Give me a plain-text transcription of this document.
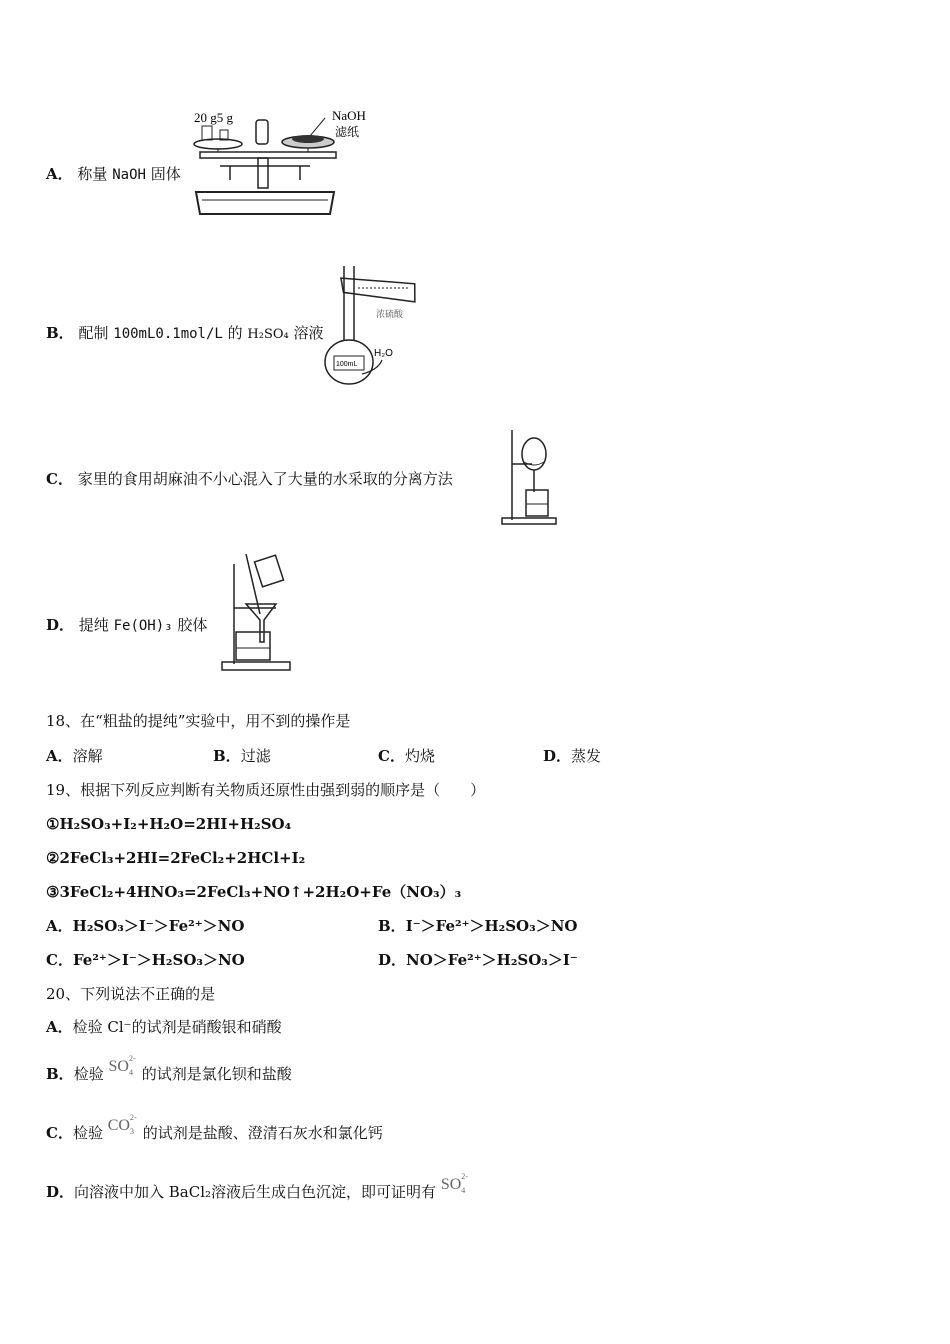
A． 称量 NaOH 固体
20 g5 g	NaOH
滤纸
B． 配制 100mL0.1mol/L 的 H₂SO₄ 溶液
浓硫酸
100mL
H₂O
C． 家里的食用胡麻油不小心混入了大量的水采取的分离方法
D． 提纯 Fe(OH)₃ 胶体
18、在“粗盐的提纯”实验中，用不到的操作是
A．溶解	B．过滤	C．灼烧	D．蒸发
19、根据下列反应判断有关物质还原性由强到弱的顺序是（　　）
①H₂SO₃+I₂+H₂O=2HI+H₂SO₄
②2FeCl₃+2HI=2FeCl₂+2HCl+I₂
③3FeCl₂+4HNO₃=2FeCl₃+NO↑+2H₂O+Fe（NO₃）₃
A．H₂SO₃＞I⁻＞Fe²⁺＞NO	B．I⁻＞Fe²⁺＞H₂SO₃＞NO
C．Fe²⁺＞I⁻＞H₂SO₃＞NO	D．NO＞Fe²⁺＞H₂SO₃＞I⁻
20、下列说法不正确的是
A．检验 Cl⁻的试剂是硝酸银和硝酸
B．检验 SO 2-
4 的试剂是氯化钡和盐酸
C．检验 CO 2-
3 的试剂是盐酸、澄清石灰水和氯化钙
D．向溶液中加入 BaCl₂溶液后生成白色沉淀，即可证明有 SO 2-
4
